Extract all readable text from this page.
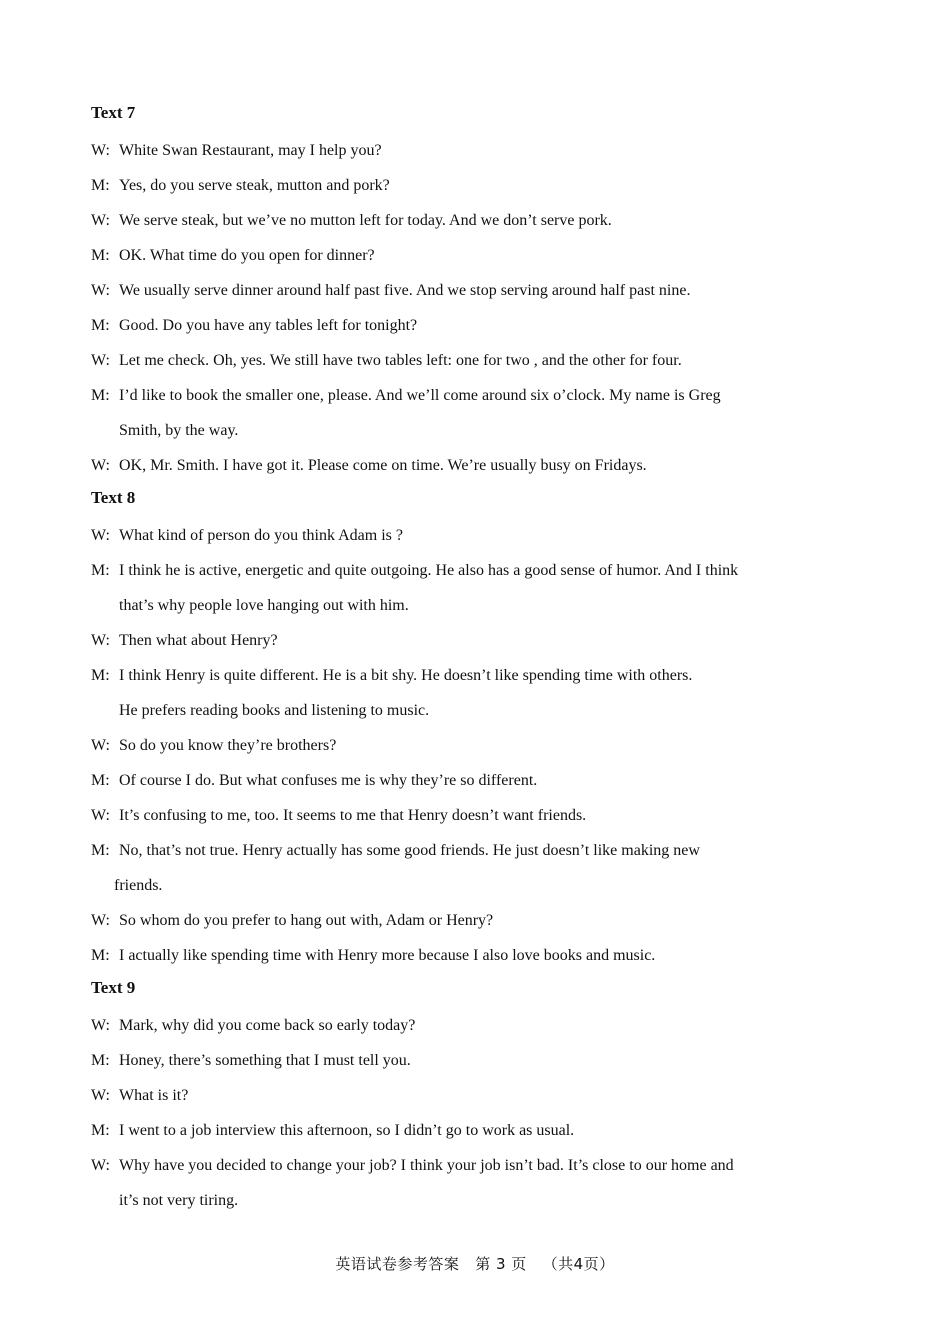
Text 7
W: White Swan Restaurant, may I help you?
M: Yes, do you serve steak, mutton and pork?
W: We serve steak, but we’ve no mutton left for today. And we don’t serve pork.
M: OK. What time do you open for dinner?
W: We usually serve dinner around half past five. And we stop serving around half past nine.
M: Good. Do you have any tables left for tonight?
W: Let me check. Oh, yes. We still have two tables left: one for two , and the other for four.
M: I’d like to book the smaller one, please. And we’ll come around six o’clock. My name is Greg
Smith, by the way.
W: OK, Mr. Smith. I have got it. Please come on time. We’re usually busy on Fridays.
Text 8
W: What kind of person do you think Adam is ?
M: I think he is active, energetic and quite outgoing. He also has a good sense of humor. And I think
that’s why people love hanging out with him.
W: Then what about Henry?
M: I think Henry is quite different. He is a bit shy. He doesn’t like spending time with others.
He prefers reading books and listening to music.
W: So do you know they’re brothers?
M: Of course I do. But what confuses me is why they’re so different.
W: It’s confusing to me, too. It seems to me that Henry doesn’t want friends.
M: No, that’s not true. Henry actually has some good friends. He just doesn’t like making new
friends.
W: So whom do you prefer to hang out with, Adam or Henry?
M: I actually like spending time with Henry more because I also love books and music.
Text 9
W: Mark, why did you come back so early today?
M: Honey, there’s something that I must tell you.
W: What is it?
M: I went to a job interview this afternoon, so I didn’t go to work as usual.
W: Why have you decided to change your job? I think your job isn’t bad. It’s close to our home and
it’s not very tiring.
英语试卷参考答案 第 3 页 （共4页）
